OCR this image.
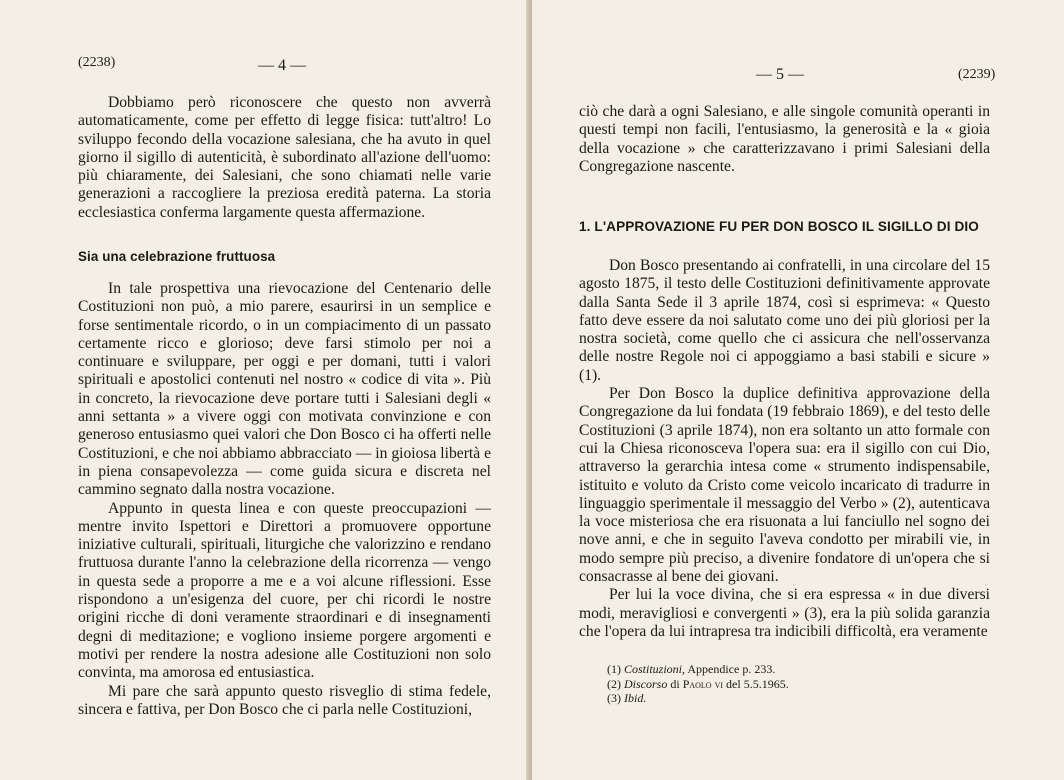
(2238)	— 4 —

Dobbiamo però riconoscere che questo non avverrà automaticamente, come per effetto di legge fisica: tutt'altro! Lo sviluppo fecondo della vocazione salesiana, che ha avuto in quel giorno il sigillo di autenticità, è subordinato all'azione dell'uomo: più chiaramente, dei Salesiani, che sono chiamati nelle varie generazioni a raccogliere la preziosa eredità paterna. La storia ecclesiastica conferma largamente questa affermazione.

Sia una celebrazione fruttuosa

In tale prospettiva una rievocazione del Centenario delle Costituzioni non può, a mio parere, esaurirsi in un semplice e forse sentimentale ricordo, o in un compiacimento di un passato certamente ricco e glorioso; deve farsi stimolo per noi a continuare e sviluppare, per oggi e per domani, tutti i valori spirituali e apostolici contenuti nel nostro « codice di vita ». Più in concreto, la rievocazione deve portare tutti i Salesiani degli « anni settanta » a vivere oggi con motivata convinzione e con generoso entusiasmo quei valori che Don Bosco ci ha offerti nelle Costituzioni, e che noi abbiamo abbracciato — in gioiosa libertà e in piena consapevolezza — come guida sicura e discreta nel cammino segnato dalla nostra vocazione.

Appunto in questa linea e con queste preoccupazioni — mentre invito Ispettori e Direttori a promuovere opportune iniziative culturali, spirituali, liturgiche che valorizzino e rendano fruttuosa durante l'anno la celebrazione della ricorrenza — vengo in questa sede a proporre a me e a voi alcune riflessioni. Esse rispondono a un'esigenza del cuore, per chi ricordi le nostre origini ricche di doni veramente straordinari e di insegnamenti degni di meditazione; e vogliono insieme porgere argomenti e motivi per rendere la nostra adesione alle Costituzioni non solo convinta, ma amorosa ed entusiastica.

Mi pare che sarà appunto questo risveglio di stima fedele, sincera e fattiva, per Don Bosco che ci parla nelle Costituzioni,

— 5 —	(2239)

ciò che darà a ogni Salesiano, e alle singole comunità operanti in questi tempi non facili, l'entusiasmo, la generosità e la « gioia della vocazione » che caratterizzavano i primi Salesiani della Congregazione nascente.

1. L'APPROVAZIONE FU PER DON BOSCO IL SIGILLO DI DIO

Don Bosco presentando ai confratelli, in una circolare del 15 agosto 1875, il testo delle Costituzioni definitivamente approvate dalla Santa Sede il 3 aprile 1874, così si esprimeva: « Questo fatto deve essere da noi salutato come uno dei più gloriosi per la nostra società, come quello che ci assicura che nell'osservanza delle nostre Regole noi ci appoggiamo a basi stabili e sicure » (1).

Per Don Bosco la duplice definitiva approvazione della Congregazione da lui fondata (19 febbraio 1869), e del testo delle Costituzioni (3 aprile 1874), non era soltanto un atto formale con cui la Chiesa riconosceva l'opera sua: era il sigillo con cui Dio, attraverso la gerarchia intesa come « strumento indispensabile, istituito e voluto da Cristo come veicolo incaricato di tradurre in linguaggio sperimentale il messaggio del Verbo » (2), autenticava la voce misteriosa che era risuonata a lui fanciullo nel sogno dei nove anni, e che in seguito l'aveva condotto per mirabili vie, in modo sempre più preciso, a divenire fondatore di un'opera che si consacrasse al bene dei giovani.

Per lui la voce divina, che si era espressa « in due diversi modi, meravigliosi e convergenti » (3), era la più solida garanzia che l'opera da lui intrapresa tra indicibili difficoltà, era veramente

(1) Costituzioni, Appendice p. 233.
(2) Discorso di Paolo vi del 5.5.1965.
(3) Ibid.
